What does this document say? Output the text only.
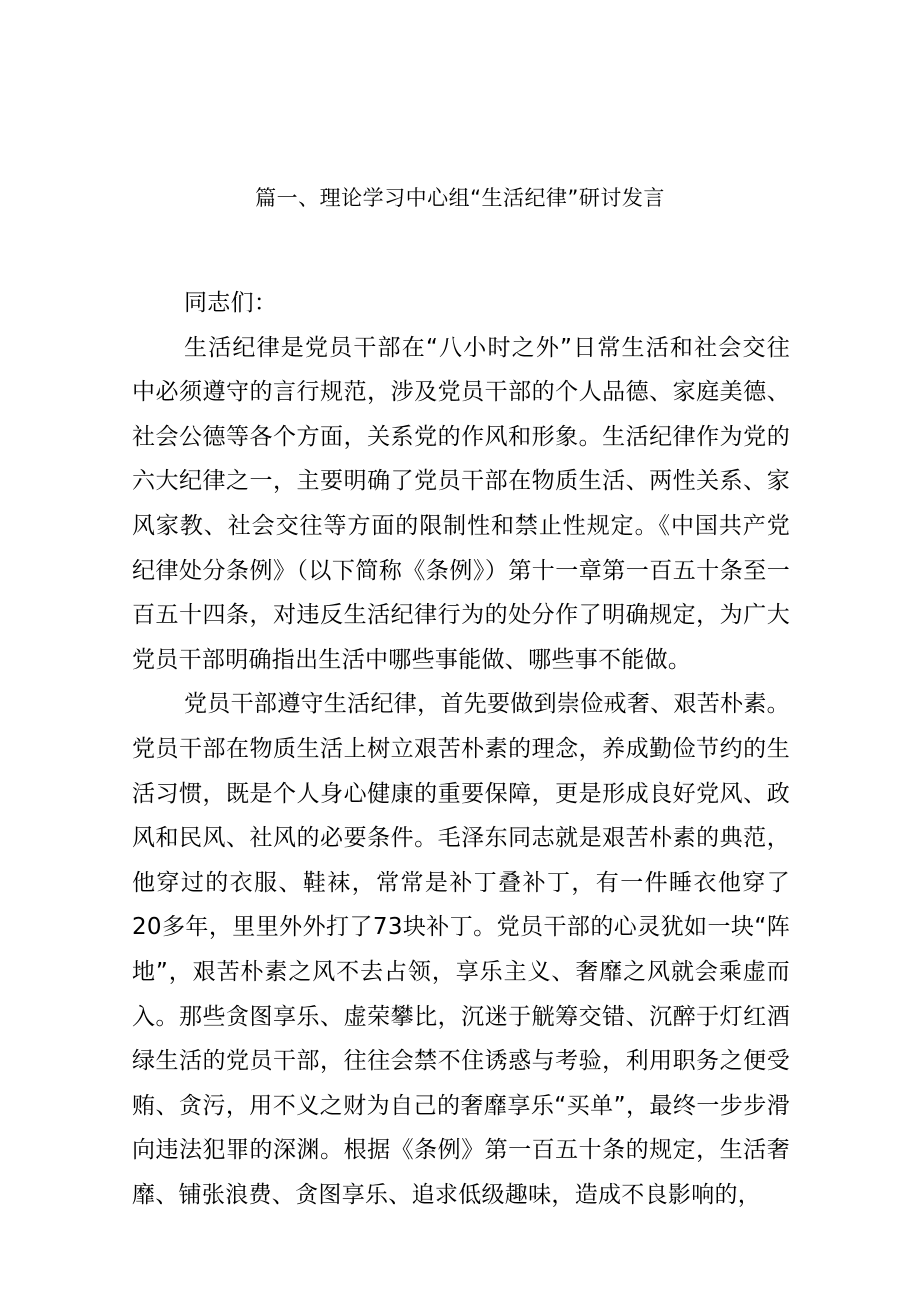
篇一、理论学习中心组“生活纪律”研讨发言
同志们：

生活纪律是党员干部在“八小时之外”日常生活和社会交往中必须遵守的言行规范，涉及党员干部的个人品德、家庭美德、社会公德等各个方面，关系党的作风和形象。生活纪律作为党的六大纪律之一，主要明确了党员干部在物质生活、两性关系、家风家教、社会交往等方面的限制性和禁止性规定。《中国共产党纪律处分条例》（以下简称《条例》）第十一章第一百五十条至一百五十四条，对违反生活纪律行为的处分作了明确规定，为广大党员干部明确指出生活中哪些事能做、哪些事不能做。

党员干部遵守生活纪律，首先要做到崇俭戒奢、艰苦朴素。党员干部在物质生活上树立艰苦朴素的理念，养成勤俭节约的生活习惯，既是个人身心健康的重要保障，更是形成良好党风、政风和民风、社风的必要条件。毛泽东同志就是艰苦朴素的典范，他穿过的衣服、鞋袜，常常是补丁叠补丁，有一件睡衣他穿了20多年，里里外外打了73块补丁。党员干部的心灵犹如一块“阵地”，艰苦朴素之风不去占领，享乐主义、奢靡之风就会乘虚而入。那些贪图享乐、虚荣攀比，沉迷于觥筹交错、沉醉于灯红酒绿生活的党员干部，往往会禁不住诱惑与考验，利用职务之便受贿、贪污，用不义之财为自己的奢靡享乐“买单”，最终一步步滑向违法犯罪的深渊。根据《条例》第一百五十条的规定，生活奢靡、铺张浪费、贪图享乐、追求低级趣味，造成不良影响的，
